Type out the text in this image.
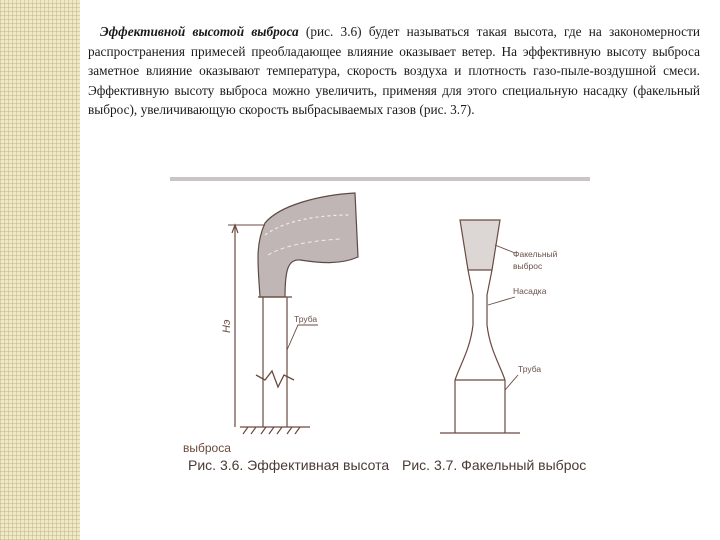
Эффективной высотой выброса (рис. 3.6) будет называться такая высота, где на закономерности распространения примесей преобладающее влияние оказывает ветер. На эффективную высоту выброса заметное влияние оказывают температура, скорость воздуха и плотность газо-пыле-воздушной смеси. Эффективную высоту выброса можно увеличить, применяя для этого специальную насадку (факельный выброс), увеличивающую скорость выбрасываемых газов (рис. 3.7).

Hэ
Труба
Факельный
выброс
Насадка
Труба
Рис. 3.6. Эффективная высота Рис. 3.7. Факельный выброс
выброса
